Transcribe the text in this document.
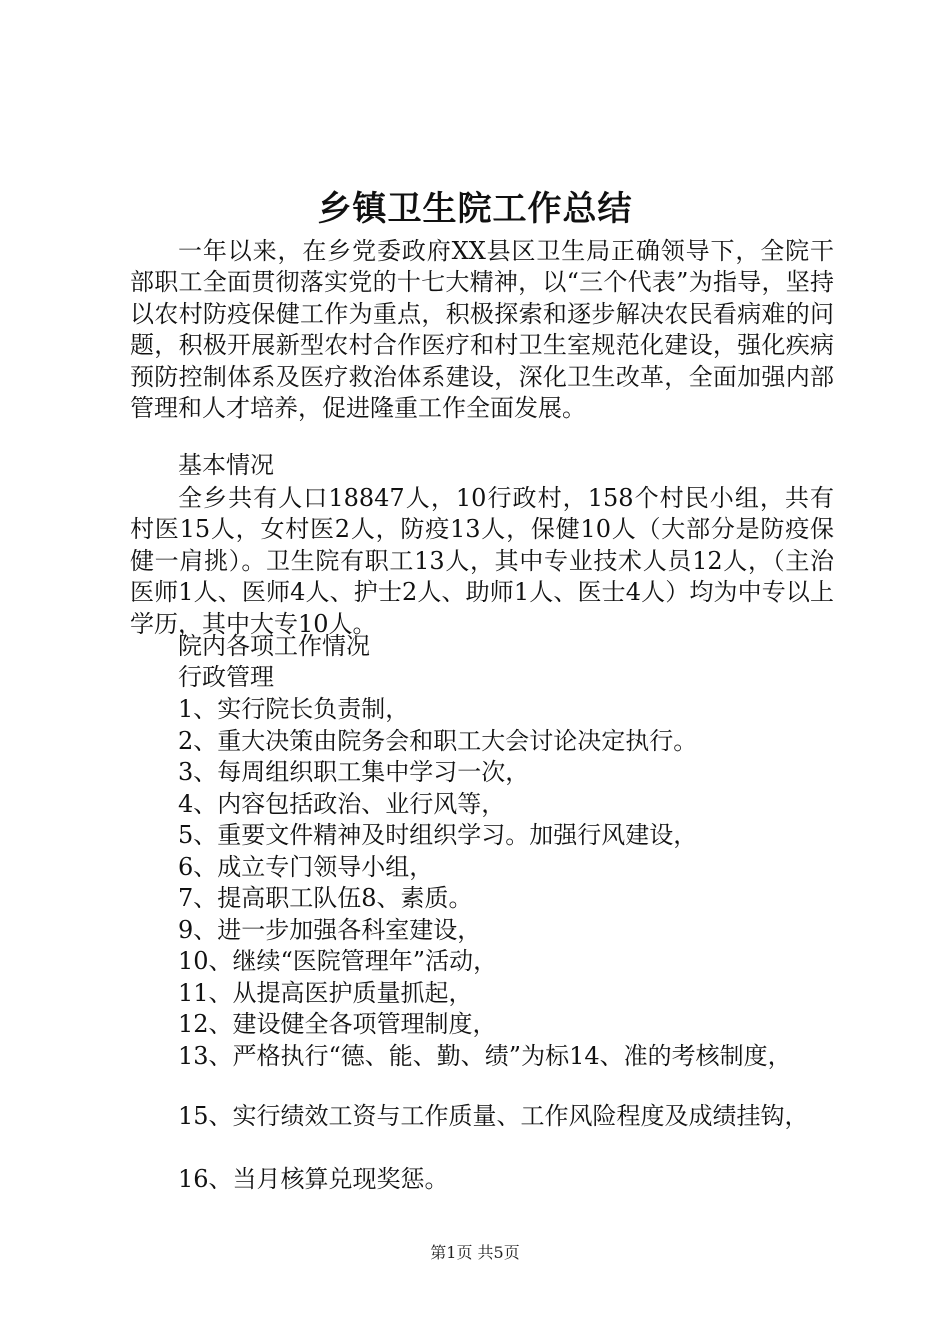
乡镇卫生院工作总结
一年以来，在乡党委政府XX县区卫生局正确领导下，全院干部职工全面贯彻落实党的十七大精神，以“三个代表”为指导，坚持以农村防疫保健工作为重点，积极探索和逐步解决农民看病难的问题，积极开展新型农村合作医疗和村卫生室规范化建设，强化疾病预防控制体系及医疗救治体系建设，深化卫生改革，全面加强内部管理和人才培养，促进隆重工作全面发展。
基本情况
全乡共有人口18847人，10行政村，158个村民小组，共有村医15人，女村医2人，防疫13人，保健10人（大部分是防疫保健一肩挑）。卫生院有职工13人，其中专业技术人员12人，（主治医师1人、医师4人、护士2人、助师1人、医士4人）均为中专以上学历，其中大专10人。
院内各项工作情况
行政管理
1、实行院长负责制，
2、重大决策由院务会和职工大会讨论决定执行。
3、每周组织职工集中学习一次，
4、内容包括政治、业行风等，
5、重要文件精神及时组织学习。加强行风建设，
6、成立专门领导小组，
7、提高职工队伍8、素质。
9、进一步加强各科室建设，
10、继续“医院管理年”活动，
11、从提高医护质量抓起，
12、建设健全各项管理制度，
13、严格执行“德、能、勤、绩”为标14、准的考核制度，
15、实行绩效工资与工作质量、工作风险程度及成绩挂钩，
16、当月核算兑现奖惩。
第1页 共5页
